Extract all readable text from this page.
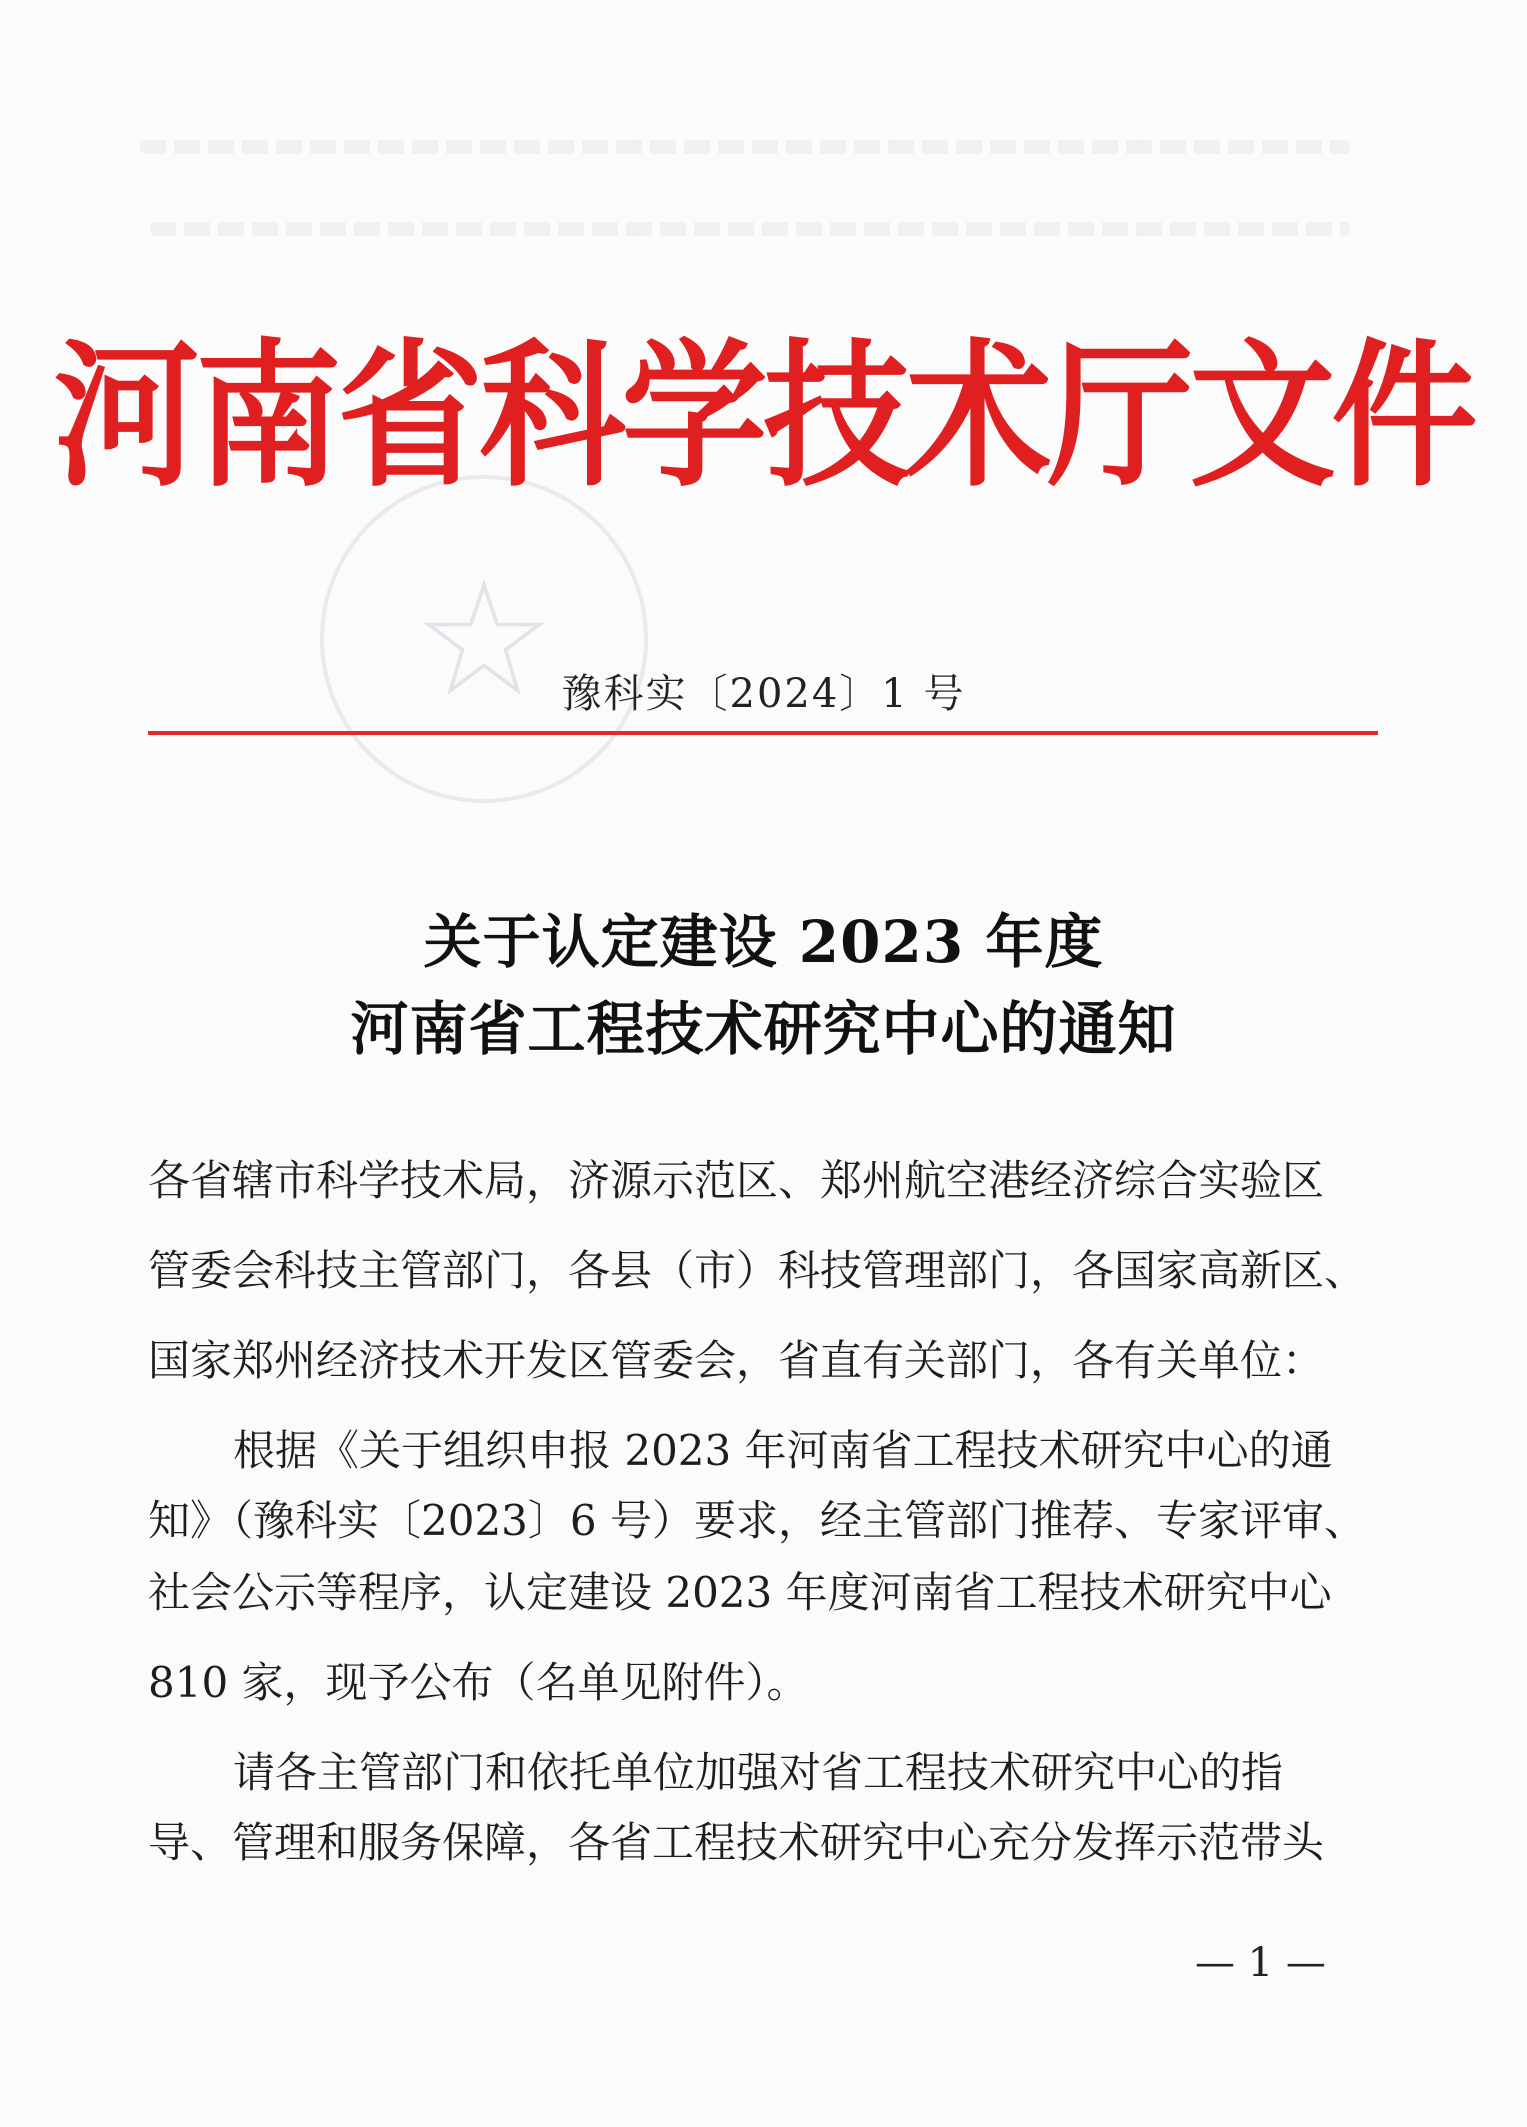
河南省科学技术厅文件
豫科实〔2024〕1 号
关于认定建设 2023 年度
河南省工程技术研究中心的通知
各省辖市科学技术局，济源示范区、郑州航空港经济综合实验区
管委会科技主管部门，各县（市）科技管理部门，各国家高新区、
国家郑州经济技术开发区管委会，省直有关部门，各有关单位：
根据《关于组织申报 2023 年河南省工程技术研究中心的通
知》（豫科实〔2023〕6 号）要求，经主管部门推荐、专家评审、
社会公示等程序，认定建设 2023 年度河南省工程技术研究中心
810 家，现予公布（名单见附件）。
请各主管部门和依托单位加强对省工程技术研究中心的指
导、管理和服务保障，各省工程技术研究中心充分发挥示范带头
— 1 —
